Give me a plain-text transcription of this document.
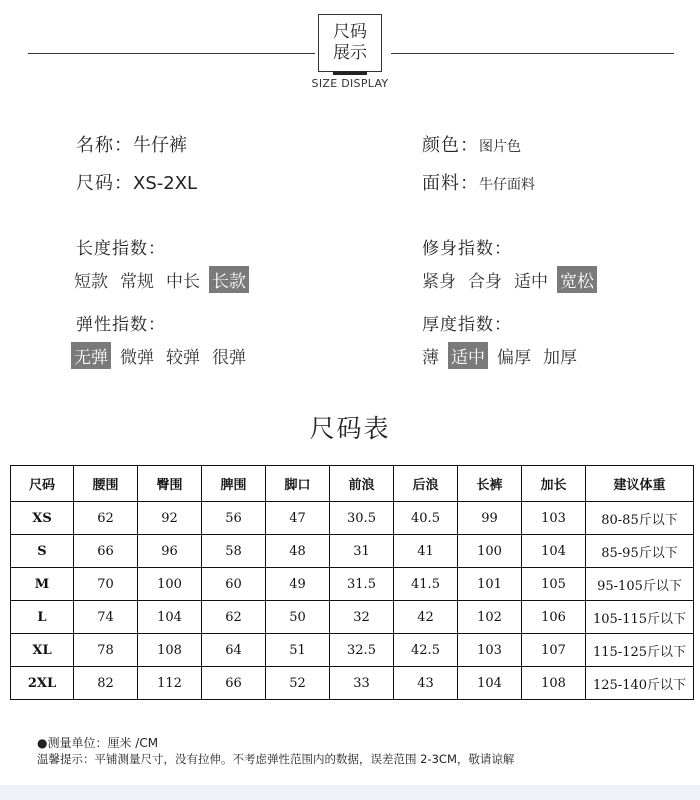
尺码
展示
SIZE DISPLAY
名称：牛仔裤
尺码：XS-2XL
颜色：图片色
面料：牛仔面料
长度指数：
短款 常规 中长 长款
修身指数：
紧身 合身 适中 宽松
弹性指数：
无弹 微弹 较弹 很弹
厚度指数：
薄 适中 偏厚 加厚
尺码表
尺码	腰围	臀围	脾围	脚口	前浪	后浪	长裤	加长	建议体重
XS	62	92	56	47	30.5	40.5	99	103	80-85斤以下
S	66	96	58	48	31	41	100	104	85-95斤以下
M	70	100	60	49	31.5	41.5	101	105	95-105斤以下
L	74	104	62	50	32	42	102	106	105-115斤以下
XL	78	108	64	51	32.5	42.5	103	107	115-125斤以下
2XL	82	112	66	52	33	43	104	108	125-140斤以下
●测量单位：厘米 /CM
温馨提示：平铺测量尺寸，没有拉伸。不考虑弹性范围内的数据，误差范围 2-3CM，敬请谅解
